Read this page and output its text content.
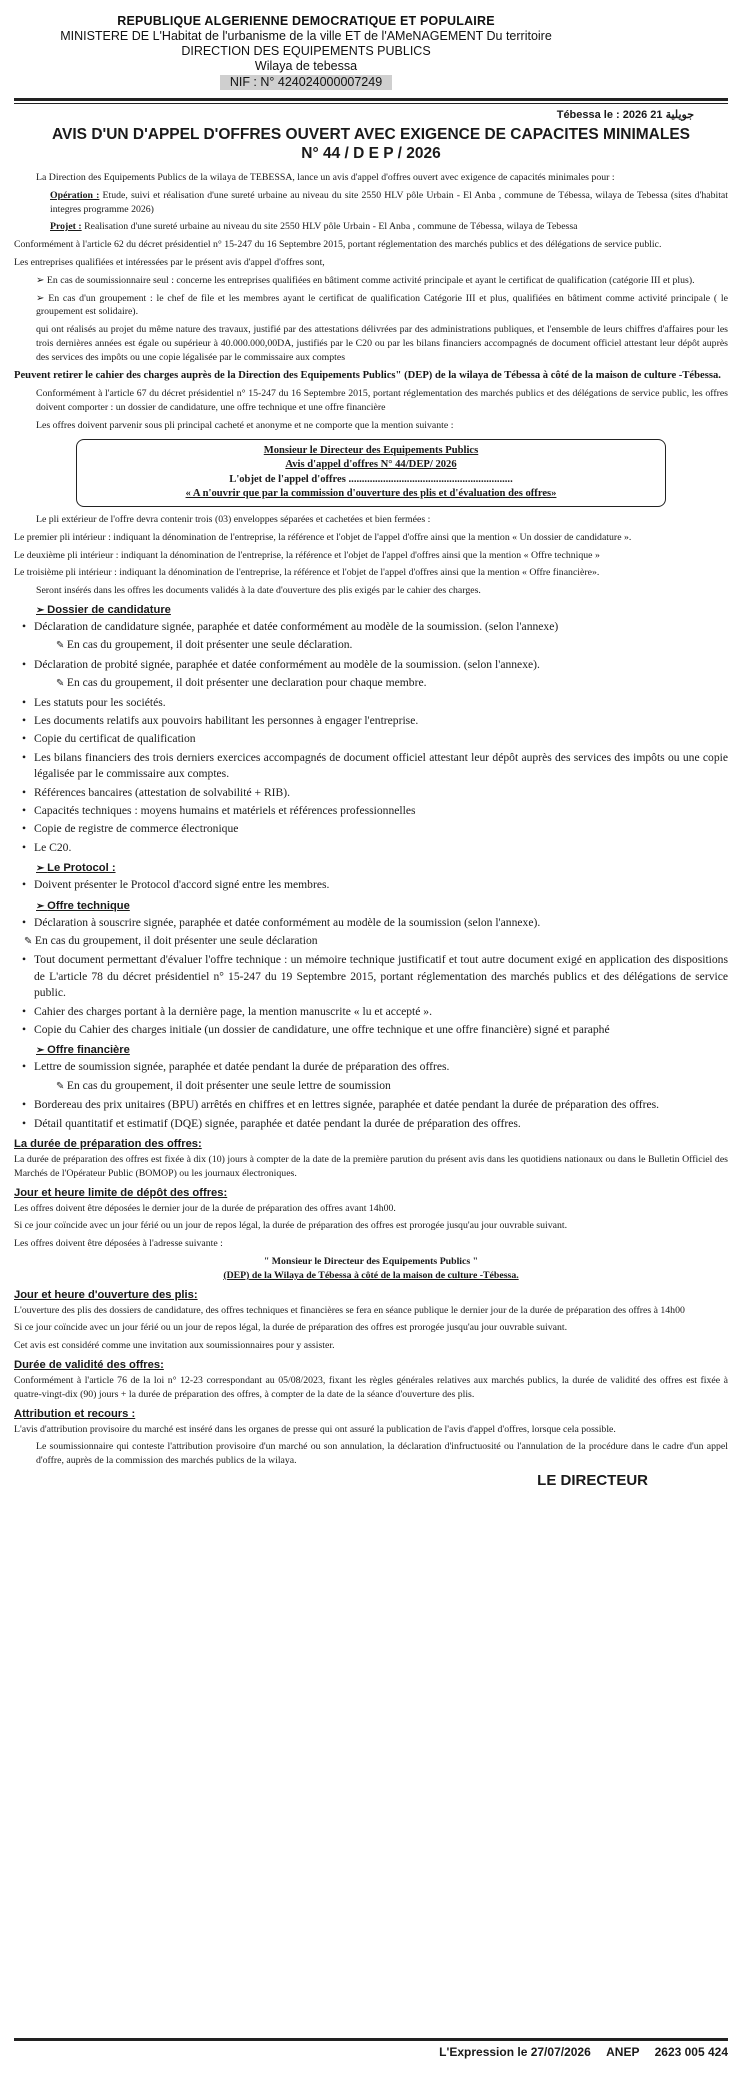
REPUBLIQUE ALGERIENNE DEMOCRATIQUE ET POPULAIRE
MINISTERE DE L'Habitat de l'urbanisme de la ville ET de l'AMeNAGEMENT Du territoire
DIRECTION DES EQUIPEMENTS PUBLICS
Wilaya de tebessa
NIF : N° 424024000007249
Tébessa le : 2026 جويلية 21
AVIS D'UN D'APPEL D'OFFRES OUVERT AVEC EXIGENCE DE CAPACITES MINIMALES N° 44 / D E P / 2026

La Direction des Equipements Publics de la wilaya de TEBESSA, lance un avis d'appel d'offres ouvert avec exigence de capacités minimales pour :

Opération : Etude, suivi et réalisation d'une sureté urbaine au niveau du site 2550 HLV pôle Urbain - El Anba , commune de Tébessa, wilaya de Tebessa (sites d'habitat integres programme 2026)

Projet : Realisation d'une sureté urbaine au niveau du site 2550 HLV pôle Urbain - El Anba , commune de Tébessa, wilaya de Tebessa

Conformément à l'article 62 du décret présidentiel n° 15-247 du 16 Septembre 2015, portant réglementation des marchés publics et des délégations de service public.

Les entreprises qualifiées et intéressées par le présent avis d'appel d'offres sont,

➢ En cas de soumissionnaire seul : concerne les entreprises qualifiées en bâtiment comme activité principale et ayant le certificat de qualification (catégorie III et plus).

➢ En cas d'un groupement : le chef de file et les membres ayant le certificat de qualification Catégorie III et plus, qualifiées en bâtiment comme activité principale ( le groupement est solidaire).

qui ont réalisés au projet du même nature des travaux, justifié par des attestations délivrées par des administrations publiques, et l'ensemble de leurs chiffres d'affaires pour les trois dernières années est égale ou supérieur à 40.000.000,00DA, justifiés par le C20 ou par les bilans financiers accompagnés de document officiel attestant leur dépôt auprès des services des impôts ou une copie légalisée par le commissaire aux comptes

Peuvent retirer le cahier des charges auprès de la Direction des Equipements Publics" (DEP) de la wilaya de Tébessa à côté de la maison de culture -Tébessa.

Conformément à l'article 67 du décret présidentiel n° 15-247 du 16 Septembre 2015, portant réglementation des marchés publics et des délégations de service public, les offres doivent comporter : un dossier de candidature, une offre technique et une offre financière

Les offres doivent parvenir sous pli principal cacheté et anonyme et ne comporte que la mention suivante :

Monsieur le Directeur des Equipements Publics
Avis d'appel d'offres N° 44/DEP/ 2026
L'objet de l'appel d'offres ..............................................................
« A n'ouvrir que par la commission d'ouverture des plis et d'évaluation des offres»

Le pli extérieur de l'offre devra contenir trois (03) enveloppes séparées et cachetées et bien fermées :

Le premier pli intérieur : indiquant la dénomination de l'entreprise, la référence et l'objet de l'appel d'offre ainsi que la mention « Un dossier de candidature ».

Le deuxième pli intérieur : indiquant la dénomination de l'entreprise, la référence et l'objet de l'appel d'offres ainsi que la mention « Offre technique »

Le troisième pli intérieur : indiquant la dénomination de l'entreprise, la référence et l'objet de l'appel d'offres ainsi que la mention « Offre financière».

Seront insérés dans les offres les documents validés à la date d'ouverture des plis exigés par le cahier des charges.

➢ Dossier de candidature
• Déclaration de candidature signée, paraphée et datée conformément au modèle de la soumission. (selon l'annexe)
✎ En cas du groupement, il doit présenter une seule déclaration.
• Déclaration de probité signée, paraphée et datée conformément au modèle de la soumission. (selon l'annexe).
✎ En cas du groupement, il doit présenter une declaration pour chaque membre.
• Les statuts pour les sociétés.
• Les documents relatifs aux pouvoirs habilitant les personnes à engager l'entreprise.
• Copie du certificat de qualification
• Les bilans financiers des trois derniers exercices accompagnés de document officiel attestant leur dépôt auprès des services des impôts ou une copie légalisée par le commissaire aux comptes.
• Références bancaires (attestation de solvabilité + RIB).
• Capacités techniques : moyens humains et matériels et références professionnelles
• Copie de registre de commerce électronique
• Le C20.
➢ Le Protocol :
• Doivent présenter le Protocol d'accord signé entre les membres.
➢ Offre technique
• Déclaration à souscrire signée, paraphée et datée conformément au modèle de la soumission (selon l'annexe).
✎ En cas du groupement, il doit présenter une seule déclaration
• Tout document permettant d'évaluer l'offre technique : un mémoire technique justificatif et tout autre document exigé en application des dispositions de L'article 78 du décret présidentiel n° 15-247 du 19 Septembre 2015, portant réglementation des marchés publics et des délégations de service public.
• Cahier des charges portant à la dernière page, la mention manuscrite « lu et accepté ».
• Copie du Cahier des charges initiale (un dossier de candidature, une offre technique et une offre financière) signé et paraphé
➢ Offre financière
• Lettre de soumission signée, paraphée et datée pendant la durée de préparation des offres.
✎ En cas du groupement, il doit présenter une seule lettre de soumission
• Bordereau des prix unitaires (BPU) arrêtés en chiffres et en lettres signée, paraphée et datée pendant la durée de préparation des offres.
• Détail quantitatif et estimatif (DQE) signée, paraphée et datée pendant la durée de préparation des offres.
La durée de préparation des offres:

La durée de préparation des offres est fixée à dix (10) jours à compter de la date de la première parution du présent avis dans les quotidiens nationaux ou dans le Bulletin Officiel des Marchés de l'Opérateur Public (BOMOP) ou les journaux électroniques.

Jour et heure limite de dépôt des offres:

Les offres doivent être déposées le dernier jour de la durée de préparation des offres avant 14h00.

Si ce jour coïncide avec un jour férié ou un jour de repos légal, la durée de préparation des offres est prorogée jusqu'au jour ouvrable suivant.

Les offres doivent être déposées à l'adresse suivante :

" Monsieur le Directeur des Equipements Publics "

(DEP) de la Wilaya de Tébessa à côté de la maison de culture -Tébessa.

Jour et heure d'ouverture des plis:

L'ouverture des plis des dossiers de candidature, des offres techniques et financières se fera en séance publique le dernier jour de la durée de préparation des offres à 14h00

Si ce jour coïncide avec un jour férié ou un jour de repos légal, la durée de préparation des offres est prorogée jusqu'au jour ouvrable suivant.

Cet avis est considéré comme une invitation aux soumissionnaires pour y assister.

Durée de validité des offres:

Conformément à l'article 76 de la loi n° 12-23 correspondant au 05/08/2023, fixant les règles générales relatives aux marchés publics, la durée de validité des offres est fixée à quatre-vingt-dix (90) jours + la durée de préparation des offres, à compter de la date de la séance d'ouverture des plis.

Attribution et recours :

L'avis d'attribution provisoire du marché est inséré dans les organes de presse qui ont assuré la publication de l'avis d'appel d'offres, lorsque cela possible.

Le soumissionnaire qui conteste l'attribution provisoire d'un marché ou son annulation, la déclaration d'infructuosité ou l'annulation de la procédure dans le cadre d'un appel d'offre, auprès de la commission des marchés publics de la wilaya.

LE DIRECTEUR
L'Expression le 27/07/2026 ANEP 2623 005 424
